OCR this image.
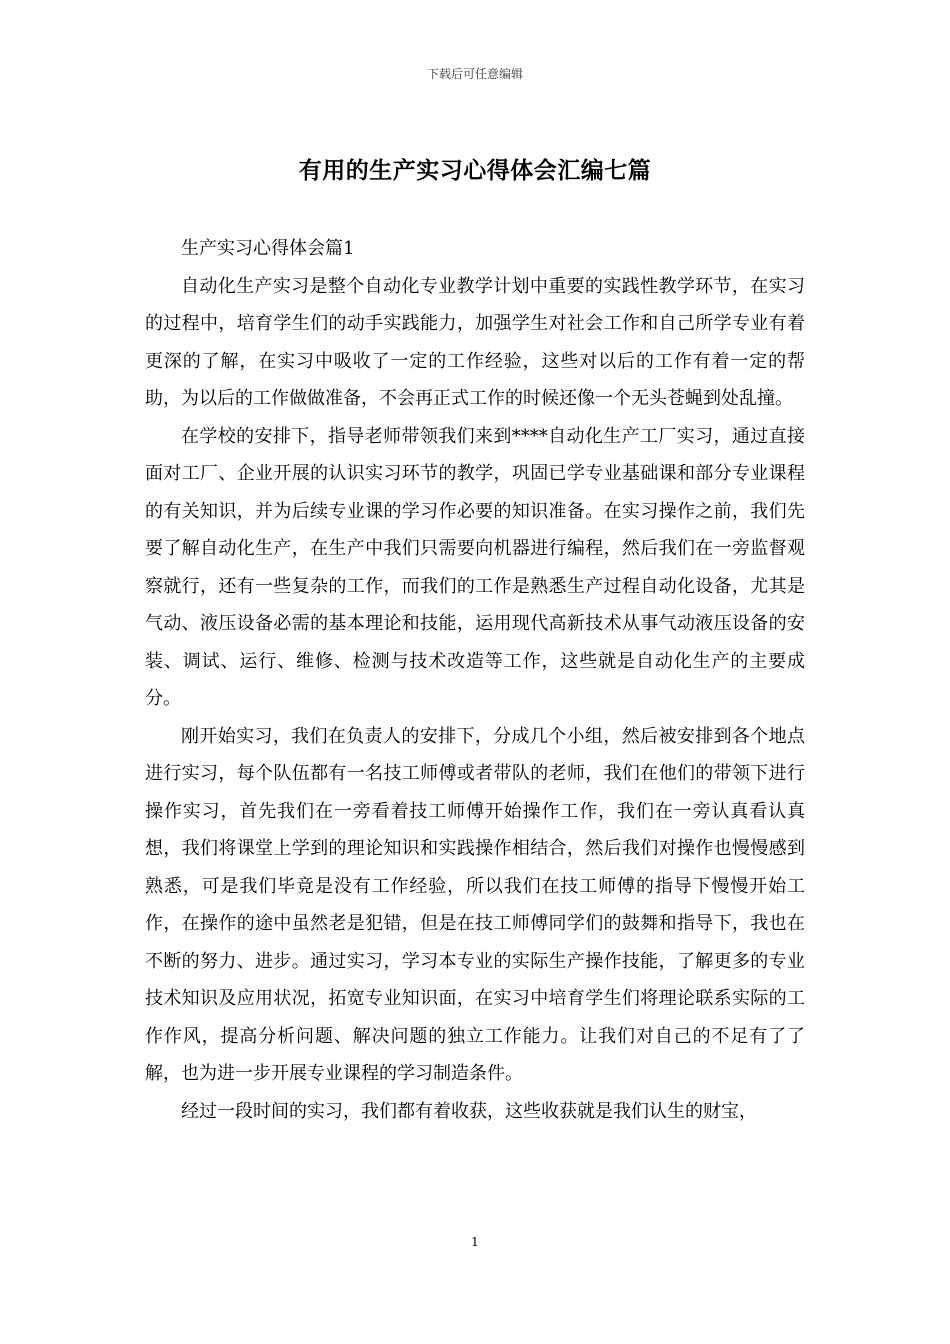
下载后可任意编辑
有用的生产实习心得体会汇编七篇

生产实习心得体会篇1

自动化生产实习是整个自动化专业教学计划中重要的实践性教学环节，在实习的过程中，培育学生们的动手实践能力，加强学生对社会工作和自己所学专业有着更深的了解，在实习中吸收了一定的工作经验，这些对以后的工作有着一定的帮助，为以后的工作做做准备，不会再正式工作的时候还像一个无头苍蝇到处乱撞。

在学校的安排下，指导老师带领我们来到****自动化生产工厂实习，通过直接面对工厂、企业开展的认识实习环节的教学，巩固已学专业基础课和部分专业课程的有关知识，并为后续专业课的学习作必要的知识准备。在实习操作之前，我们先要了解自动化生产，在生产中我们只需要向机器进行编程，然后我们在一旁监督观察就行，还有一些复杂的工作，而我们的工作是熟悉生产过程自动化设备，尤其是气动、液压设备必需的基本理论和技能，运用现代高新技术从事气动液压设备的安装、调试、运行、维修、检测与技术改造等工作，这些就是自动化生产的主要成分。

刚开始实习，我们在负责人的安排下，分成几个小组，然后被安排到各个地点进行实习，每个队伍都有一名技工师傅或者带队的老师，我们在他们的带领下进行操作实习，首先我们在一旁看着技工师傅开始操作工作，我们在一旁认真看认真想，我们将课堂上学到的理论知识和实践操作相结合，然后我们对操作也慢慢感到熟悉，可是我们毕竟是没有工作经验，所以我们在技工师傅的指导下慢慢开始工作，在操作的途中虽然老是犯错，但是在技工师傅同学们的鼓舞和指导下，我也在不断的努力、进步。通过实习，学习本专业的实际生产操作技能，了解更多的专业技术知识及应用状况，拓宽专业知识面，在实习中培育学生们将理论联系实际的工作作风，提高分析问题、解决问题的独立工作能力。让我们对自己的不足有了了解，也为进一步开展专业课程的学习制造条件。

经过一段时间的实习，我们都有着收获，这些收获就是我们认生的财宝，

1
